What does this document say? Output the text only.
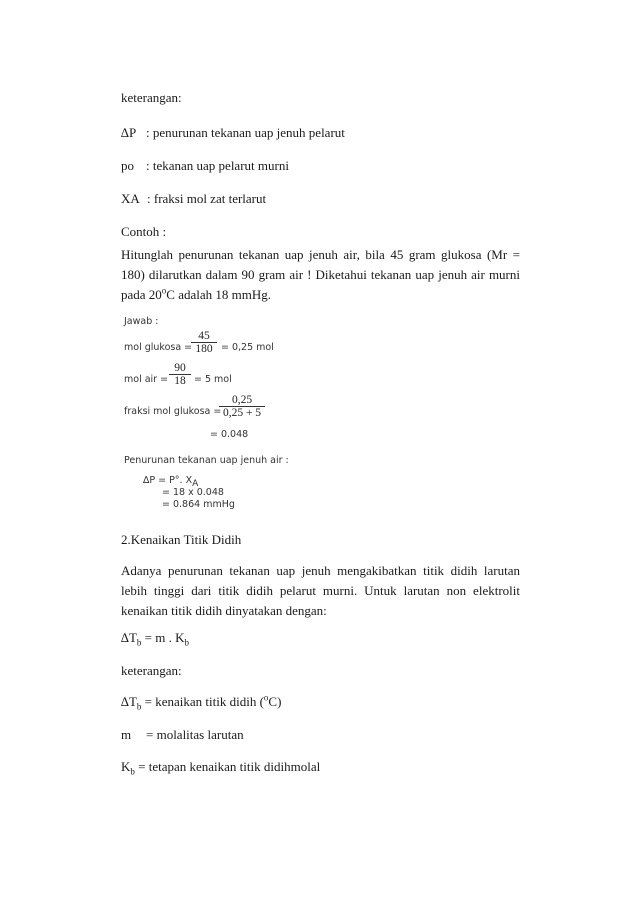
keterangan:

∆P : penurunan tekanan uap jenuh pelarut

po : tekanan uap pelarut murni

XA : fraksi mol zat terlarut

Contoh :

Hitunglah penurunan tekanan uap jenuh air, bila 45 gram glukosa (Mr = 180) dilarutkan dalam 90 gram air ! Diketahui tekanan uap jenuh air murni pada 20$^o$C adalah 18 mmHg.

Jawab :
mol glukosa =
45
180 = 0,25 mol
mol air =
90
18 = 5 mol
fraksi mol glukosa =
0,25
0,25 + 5
= 0.048
Penurunan tekanan uap jenuh air :
∆P = P°. $X_A$
= 18 x 0.048
= 0.864 mmHg

2.Kenaikan Titik Didih

Adanya penurunan tekanan uap jenuh mengakibatkan titik didih larutan lebih tinggi dari titik didih pelarut murni. Untuk larutan non elektrolit kenaikan titik didih dinyatakan dengan:

$\Delta T_b = m$ . $K_b$

keterangan:

$\Delta T_b$ = kenaikan titik didih ($^o$C)

m = molalitas larutan

$K_b$ = tetapan kenaikan titik didihmolal
